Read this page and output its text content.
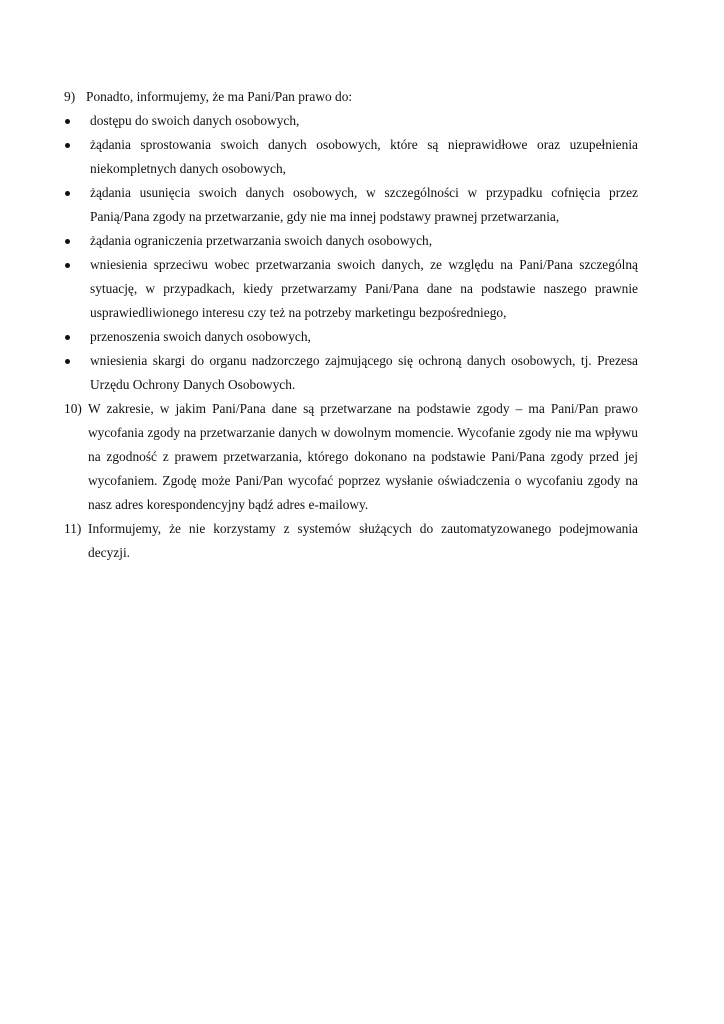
9) Ponadto, informujemy, że ma Pani/Pan prawo do:
dostępu do swoich danych osobowych,
żądania sprostowania swoich danych osobowych, które są nieprawidłowe oraz uzupełnienia niekompletnych danych osobowych,
żądania usunięcia swoich danych osobowych, w szczególności w przypadku cofnięcia przez Panią/Pana zgody na przetwarzanie, gdy nie ma innej podstawy prawnej przetwarzania,
żądania ograniczenia przetwarzania swoich danych osobowych,
wniesienia sprzeciwu wobec przetwarzania swoich danych, ze względu na Pani/Pana szczególną sytuację, w przypadkach, kiedy przetwarzamy Pani/Pana dane na podstawie naszego prawnie usprawiedliwionego interesu czy też na potrzeby marketingu bezpośredniego,
przenoszenia swoich danych osobowych,
wniesienia skargi do organu nadzorczego zajmującego się ochroną danych osobowych, tj. Prezesa Urzędu Ochrony Danych Osobowych.
10) W zakresie, w jakim Pani/Pana dane są przetwarzane na podstawie zgody – ma Pani/Pan prawo wycofania zgody na przetwarzanie danych w dowolnym momencie. Wycofanie zgody nie ma wpływu na zgodność z prawem przetwarzania, którego dokonano na podstawie Pani/Pana zgody przed jej wycofaniem. Zgodę może Pani/Pan wycofać poprzez wysłanie oświadczenia o wycofaniu zgody na nasz adres korespondencyjny bądź adres e-mailowy.
11) Informujemy, że nie korzystamy z systemów służących do zautomatyzowanego podejmowania decyzji.
